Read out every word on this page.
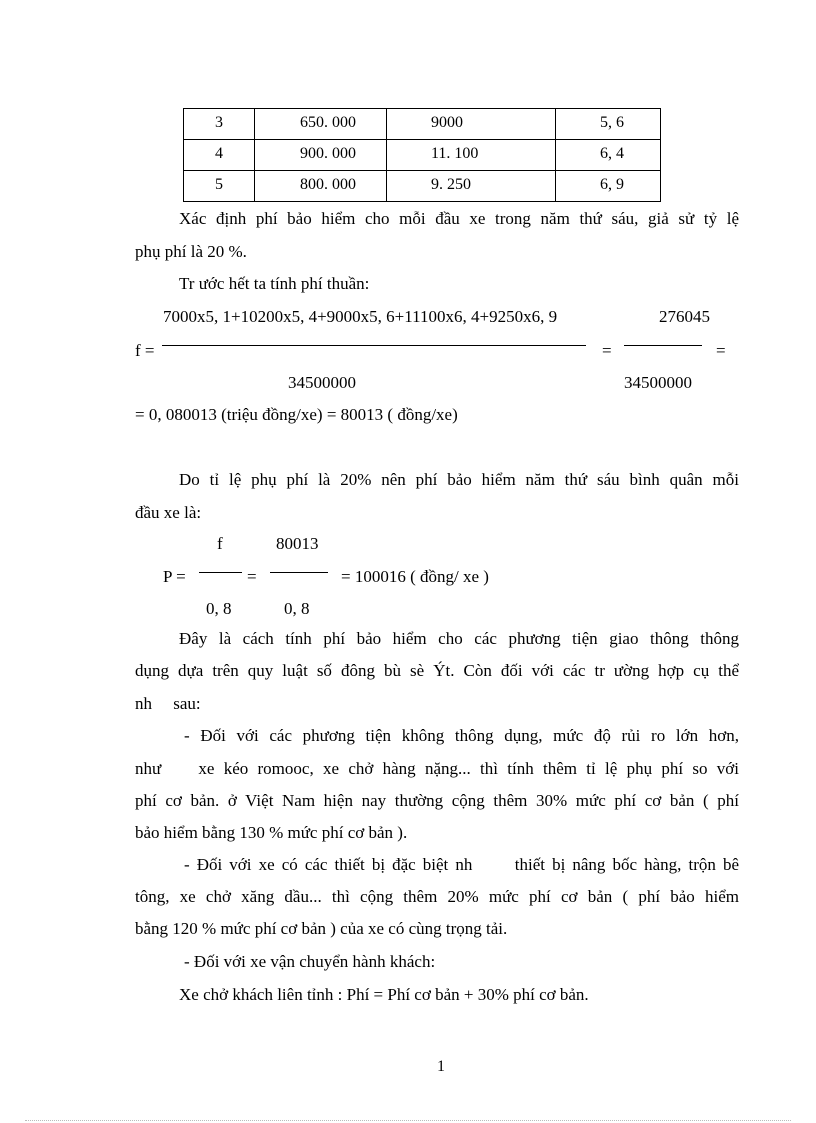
3	650. 000	9000	5, 6

4	900. 000	11. 100	6, 4

5	800. 000	9. 250	6, 9
Xác định phí bảo hiểm cho mỗi đầu xe trong năm thứ sáu, giả sử tỷ lệ
phụ phí là 20 %.
Tr ước hết ta tính phí thuần:
7000x5, 1+10200x5, 4+9000x5, 6+11100x6, 4+9250x6, 9	276045
f =	=	=
34500000	34500000
= 0, 080013 (triệu đồng/xe) = 80013 ( đồng/xe)
Do tỉ lệ phụ phí là 20% nên phí bảo hiểm năm thứ sáu bình quân mỗi
đầu xe là:
f	80013
P =	=	= 100016 ( đồng/ xe )
0, 8	0, 8
Đây là cách tính phí bảo hiểm cho các phương tiện giao thông thông
dụng dựa trên quy luật số đông bù sè Ýt. Còn đối với các tr ường hợp cụ thể
nh     sau:
- Đối với các phương tiện không thông dụng, mức độ rủi ro lớn hơn,
như    xe kéo romooc, xe chở hàng nặng... thì tính thêm tỉ lệ phụ phí so với
phí cơ bản. ở Việt Nam hiện nay thường cộng thêm 30% mức phí cơ bản ( phí
bảo hiểm bằng 130 % mức phí cơ bản ).
- Đối với xe có các thiết bị đặc biệt nh      thiết bị nâng bốc hàng, trộn bê
tông, xe chở xăng dầu... thì cộng thêm 20% mức phí cơ bản ( phí bảo hiểm
bằng 120 % mức phí cơ bản ) của xe có cùng trọng tải.
- Đối với xe vận chuyển hành khách:
Xe chở khách liên tỉnh : Phí = Phí cơ bản + 30% phí cơ bản.
1
